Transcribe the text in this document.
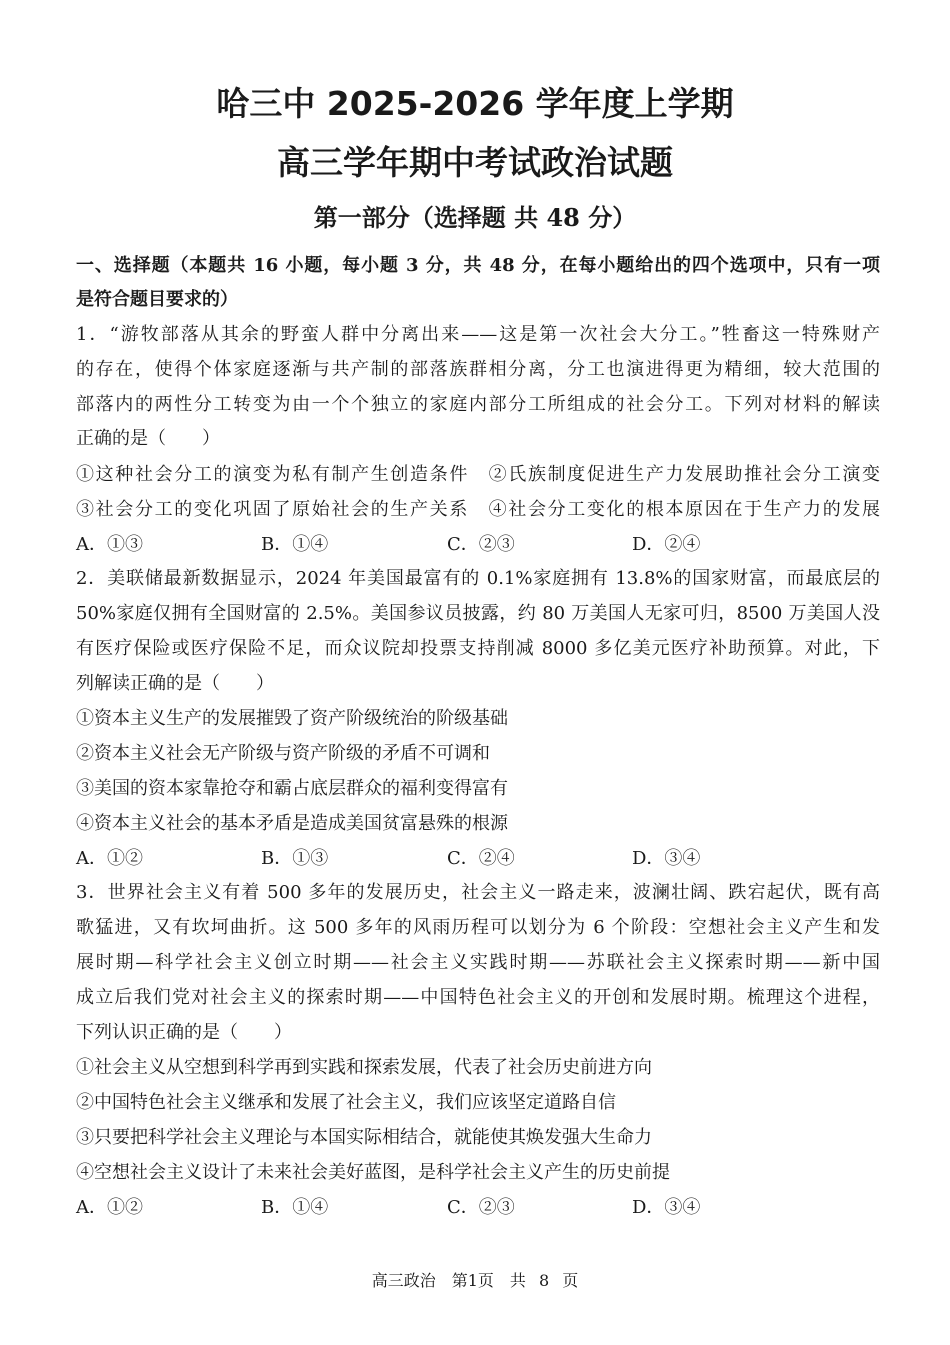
哈三中 2025-2026 学年度上学期
高三学年期中考试政治试题
第一部分（选择题 共 48 分）
一、选择题（本题共 16 小题，每小题 3 分，共 48 分，在每小题给出的四个选项中，只有一项
是符合题目要求的）
1．“游牧部落从其余的野蛮人群中分离出来——这是第一次社会大分工。”牲畜这一特殊财产
的存在，使得个体家庭逐渐与共产制的部落族群相分离，分工也演进得更为精细，较大范围的
部落内的两性分工转变为由一个个独立的家庭内部分工所组成的社会分工。下列对材料的解读
正确的是（　　）
①这种社会分工的演变为私有制产生创造条件　②氏族制度促进生产力发展助推社会分工演变
③社会分工的变化巩固了原始社会的生产关系　④社会分工变化的根本原因在于生产力的发展
A．①③	B．①④	C．②③	D．②④
2．美联储最新数据显示，2024 年美国最富有的 0.1%家庭拥有 13.8%的国家财富，而最底层的
50%家庭仅拥有全国财富的 2.5%。美国参议员披露，约 80 万美国人无家可归，8500 万美国人没
有医疗保险或医疗保险不足，而众议院却投票支持削减 8000 多亿美元医疗补助预算。对此，下
列解读正确的是（　　）
①资本主义生产的发展摧毁了资产阶级统治的阶级基础
②资本主义社会无产阶级与资产阶级的矛盾不可调和
③美国的资本家靠抢夺和霸占底层群众的福利变得富有
④资本主义社会的基本矛盾是造成美国贫富悬殊的根源
A．①②	B．①③	C．②④	D．③④
3．世界社会主义有着 500 多年的发展历史，社会主义一路走来，波澜壮阔、跌宕起伏，既有高
歌猛进，又有坎坷曲折。这 500 多年的风雨历程可以划分为 6 个阶段：空想社会主义产生和发
展时期—科学社会主义创立时期——社会主义实践时期——苏联社会主义探索时期——新中国
成立后我们党对社会主义的探索时期——中国特色社会主义的开创和发展时期。梳理这个进程，
下列认识正确的是（　　）
①社会主义从空想到科学再到实践和探索发展，代表了社会历史前进方向
②中国特色社会主义继承和发展了社会主义，我们应该坚定道路自信
③只要把科学社会主义理论与本国实际相结合，就能使其焕发强大生命力
④空想社会主义设计了未来社会美好蓝图，是科学社会主义产生的历史前提
A．①②	B．①④	C．②③	D．③④
高三政治　第1页　共 8 页
